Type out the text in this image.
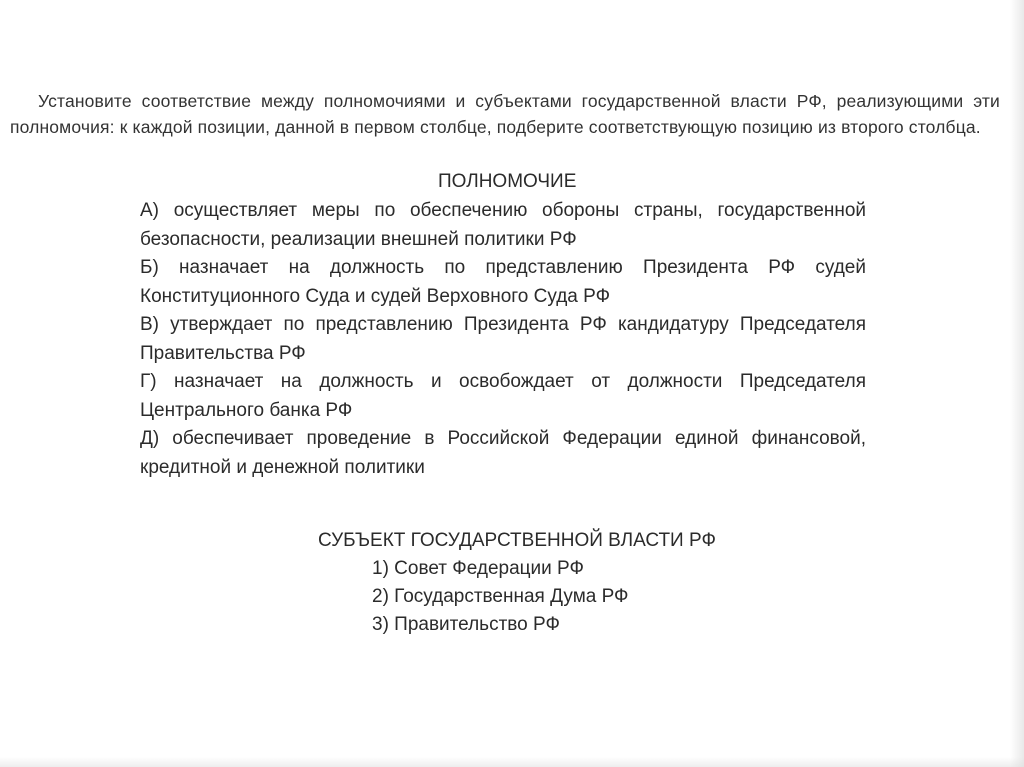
Установите соответствие между полномочиями и субъектами государственной власти РФ, реализующими эти полномочия: к каждой позиции, данной в первом столбце, подберите соответствующую позицию из второго столбца.

ПОЛНОМОЧИЕ
А) осуществляет меры по обеспечению обороны страны, государственной безопасности, реализации внешней политики РФ
Б) назначает на должность по представлению Президента РФ судей Конституционного Суда и судей Верховного Суда РФ
В) утверждает по представлению Президента РФ кандидатуру Председателя Правительства РФ
Г) назначает на должность и освобождает от должности Председателя Центрального банка РФ
Д) обеспечивает проведение в Российской Федерации единой финансовой, кредитной и денежной политики
СУБЪЕКТ ГОСУДАРСТВЕННОЙ ВЛАСТИ РФ
1) Совет Федерации РФ
2) Государственная Дума РФ
3) Правительство РФ
